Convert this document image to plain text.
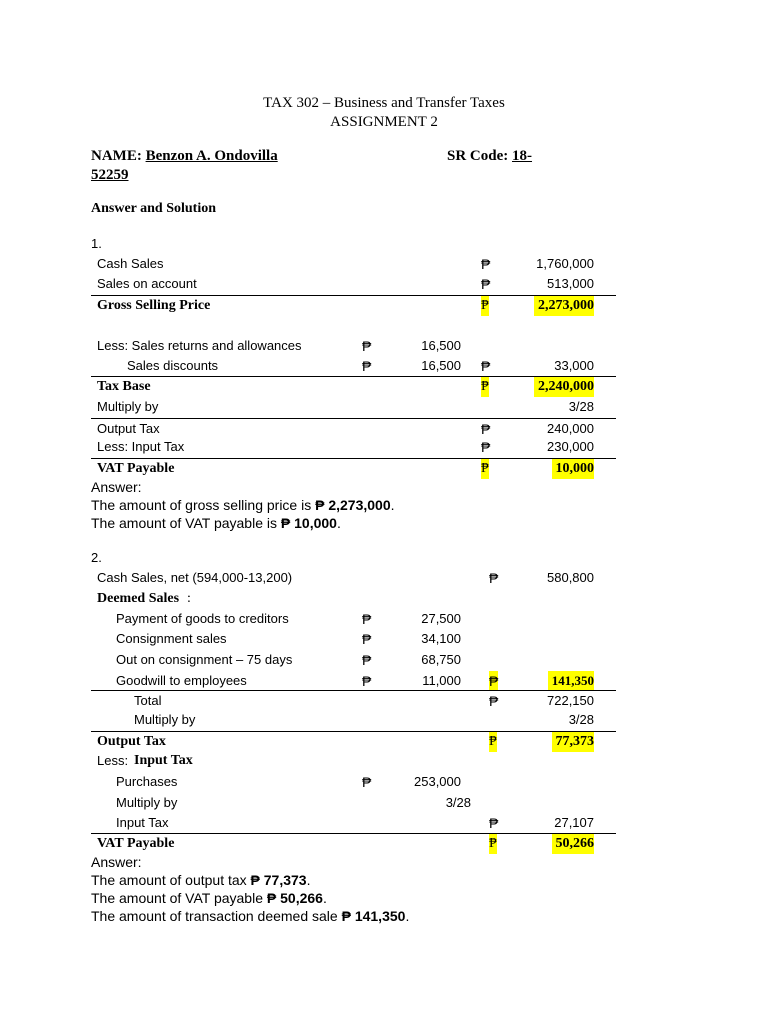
TAX 302 – Business and Transfer Taxes
ASSIGNMENT 2
NAME: Benzon A. Ondovilla	SR Code: 18-
52259
Answer and Solution
1.
Cash Sales	₱	1,760,000
Sales on account	₱	513,000
Gross Selling Price	₱	2,273,000
Less: Sales returns and allowances	₱	16,500
Sales discounts	₱	16,500 ₱	33,000
Tax Base	₱	2,240,000
Multiply by	3/28
Output Tax	₱	240,000
Less: Input Tax	₱	230,000
VAT Payable	₱	10,000
Answer:
The amount of gross selling price is ₱ 2,273,000.
The amount of VAT payable is ₱ 10,000.
2.
Cash Sales, net (594,000-13,200)	₱	580,800
Deemed Sales :
Payment of goods to creditors	₱	27,500
Consignment sales	₱	34,100
Out on consignment – 75 days	₱	68,750
Goodwill to employees	₱	11,000 ₱	141,350
Total	₱	722,150
Multiply by	3/28
Output Tax	₱	77,373
Less: Input Tax
Purchases	₱	253,000
Multiply by	3/28
Input Tax	₱	27,107
VAT Payable	₱	50,266
Answer:
The amount of output tax ₱ 77,373.
The amount of VAT payable ₱ 50,266.
The amount of transaction deemed sale ₱ 141,350.
